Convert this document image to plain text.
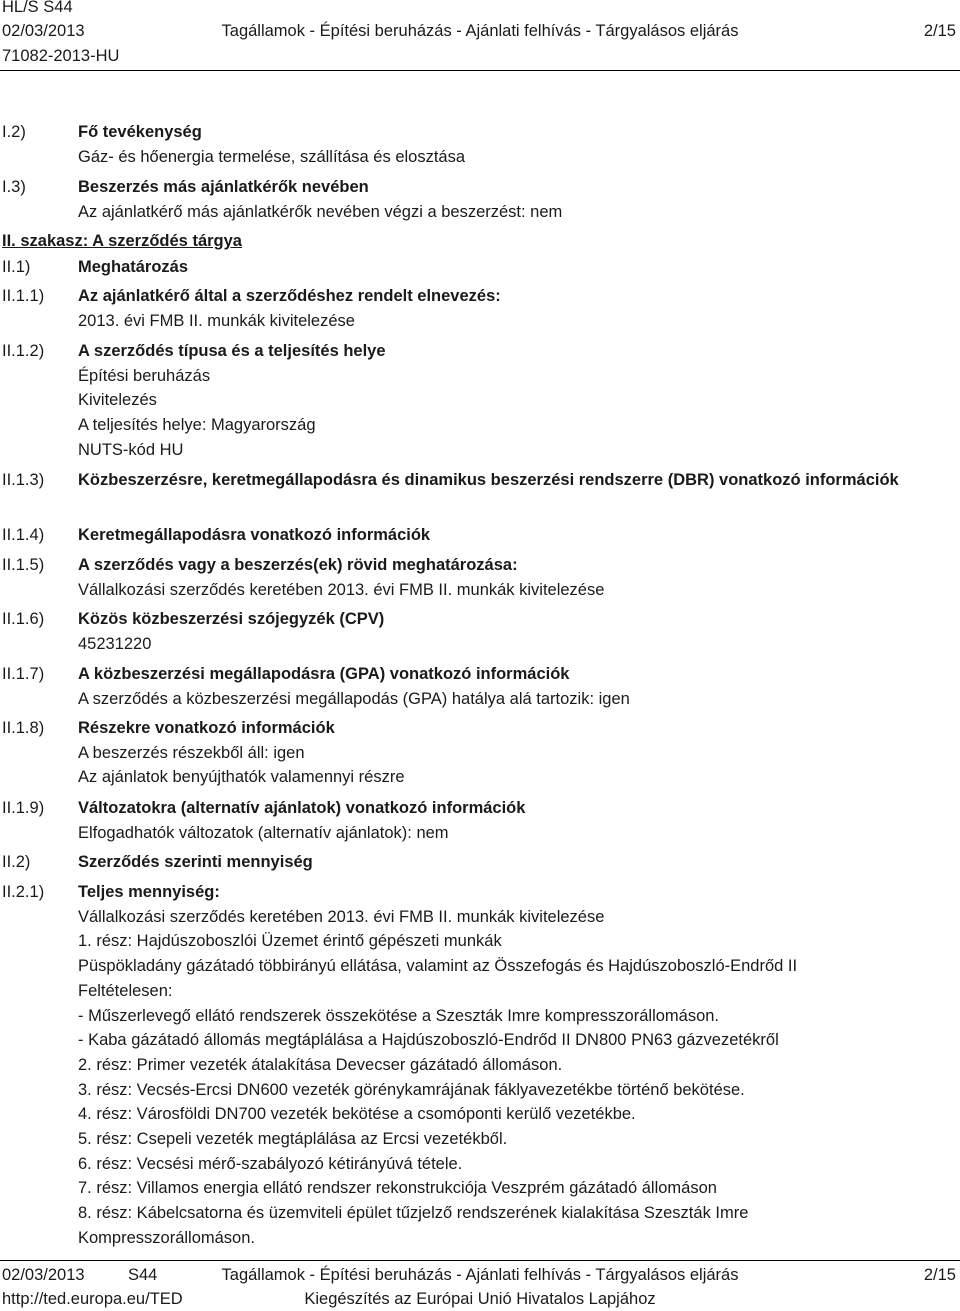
HL/S S44
02/03/2013	Tagállamok - Építési beruházás - Ajánlati felhívás - Tárgyalásos eljárás	2/15
71082-2013-HU
I.2)	Fő tevékenység
Gáz- és hőenergia termelése, szállítása és elosztása
I.3)	Beszerzés más ajánlatkérők nevében
Az ajánlatkérő más ajánlatkérők nevében végzi a beszerzést: nem
II. szakasz: A szerződés tárgya
II.1)	Meghatározás
II.1.1) Az ajánlatkérő által a szerződéshez rendelt elnevezés:
2013. évi FMB II. munkák kivitelezése
II.1.2) A szerződés típusa és a teljesítés helye
Építési beruházás
Kivitelezés
A teljesítés helye: Magyarország
NUTS-kód HU
II.1.3) Közbeszerzésre, keretmegállapodásra és dinamikus beszerzési rendszerre (DBR) vonatkozó információk
II.1.4) Keretmegállapodásra vonatkozó információk
II.1.5) A szerződés vagy a beszerzés(ek) rövid meghatározása:
Vállalkozási szerződés keretében 2013. évi FMB II. munkák kivitelezése
II.1.6) Közös közbeszerzési szójegyzék (CPV)
45231220
II.1.7) A közbeszerzési megállapodásra (GPA) vonatkozó információk
A szerződés a közbeszerzési megállapodás (GPA) hatálya alá tartozik: igen
II.1.8) Részekre vonatkozó információk
A beszerzés részekből áll: igen
Az ajánlatok benyújthatók valamennyi részre
II.1.9) Változatokra (alternatív ajánlatok) vonatkozó információk
Elfogadhatók változatok (alternatív ajánlatok): nem
II.2)	Szerződés szerinti mennyiség
II.2.1) Teljes mennyiség:
Vállalkozási szerződés keretében 2013. évi FMB II. munkák kivitelezése
1. rész: Hajdúszoboszlói Üzemet érintő gépészeti munkák
Püspökladány gázátadó többirányú ellátása, valamint az Összefogás és Hajdúszoboszló-Endrőd II
Feltételesen:
- Műszerlevegő ellátó rendszerek összekötése a Szeszták Imre kompresszorállomáson.
- Kaba gázátadó állomás megtáplálása a Hajdúszoboszló-Endrőd II DN800 PN63 gázvezetékről
2. rész: Primer vezeték átalakítása Devecser gázátadó állomáson.
3. rész: Vecsés-Ercsi DN600 vezeték görénykamrájának fáklyavezetékbe történő bekötése.
4. rész: Városföldi DN700 vezeték bekötése a csomóponti kerülő vezetékbe.
5. rész: Csepeli vezeték megtáplálása az Ercsi vezetékből.
6. rész: Vecsési mérő-szabályozó kétirányúvá tétele.
7. rész: Villamos energia ellátó rendszer rekonstrukciója Veszprém gázátadó állomáson
8. rész: Kábelcsatorna és üzemviteli épület tűzjelző rendszerének kialakítása Szeszták Imre
Kompresszorállomáson.
02/03/2013	S44	Tagállamok - Építési beruházás - Ajánlati felhívás - Tárgyalásos eljárás	2/15
http://ted.europa.eu/TED	Kiegészítés az Európai Unió Hivatalos Lapjához
